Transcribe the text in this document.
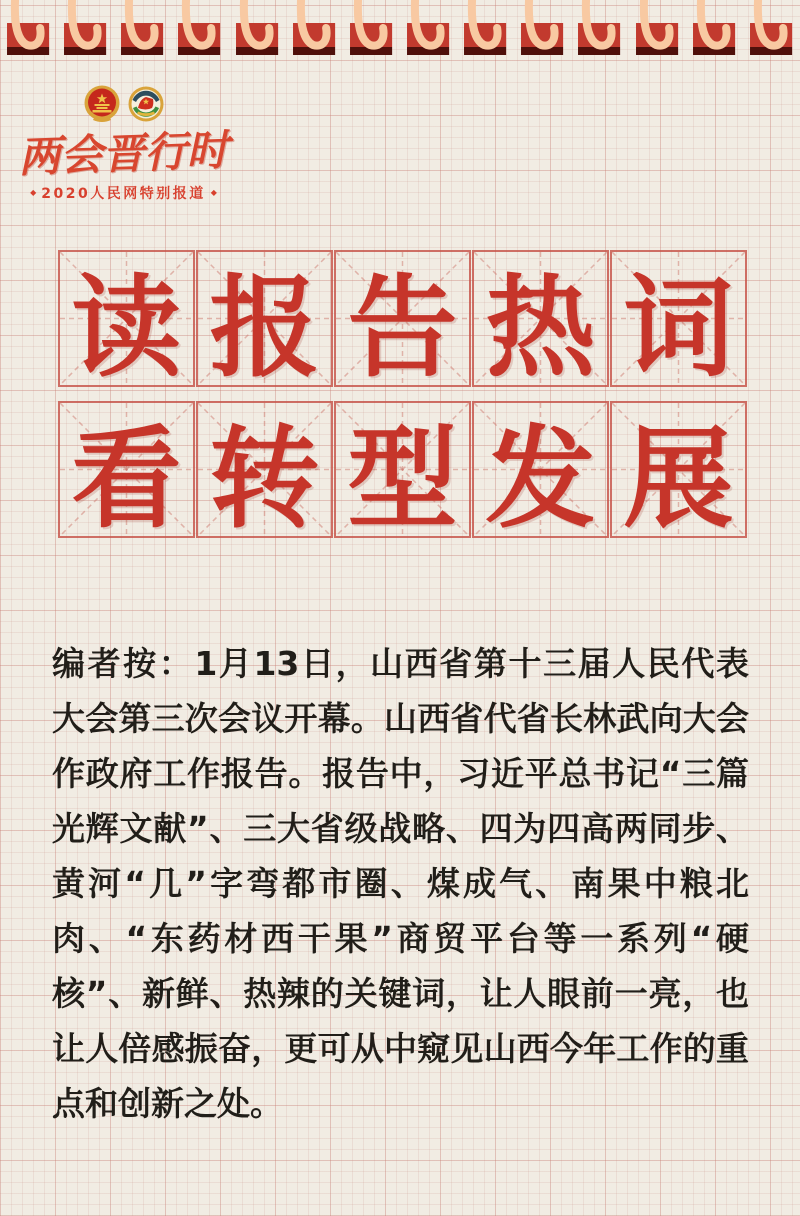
两会晋行时
◆ 2020人民网特别报道 ◆
读 报 告 热 词
看 转 型 发 展

编者按：1月13日，山西省第十三届人民代表大会第三次会议开幕。山西省代省长林武向大会作政府工作报告。报告中，习近平总书记“三篇光辉文献”、三大省级战略、四为四高两同步、黄河“几”字弯都市圈、煤成气、南果中粮北肉、“东药材西干果”商贸平台等一系列“硬核”、新鲜、热辣的关键词，让人眼前一亮，也让人倍感振奋，更可从中窥见山西今年工作的重点和创新之处。
